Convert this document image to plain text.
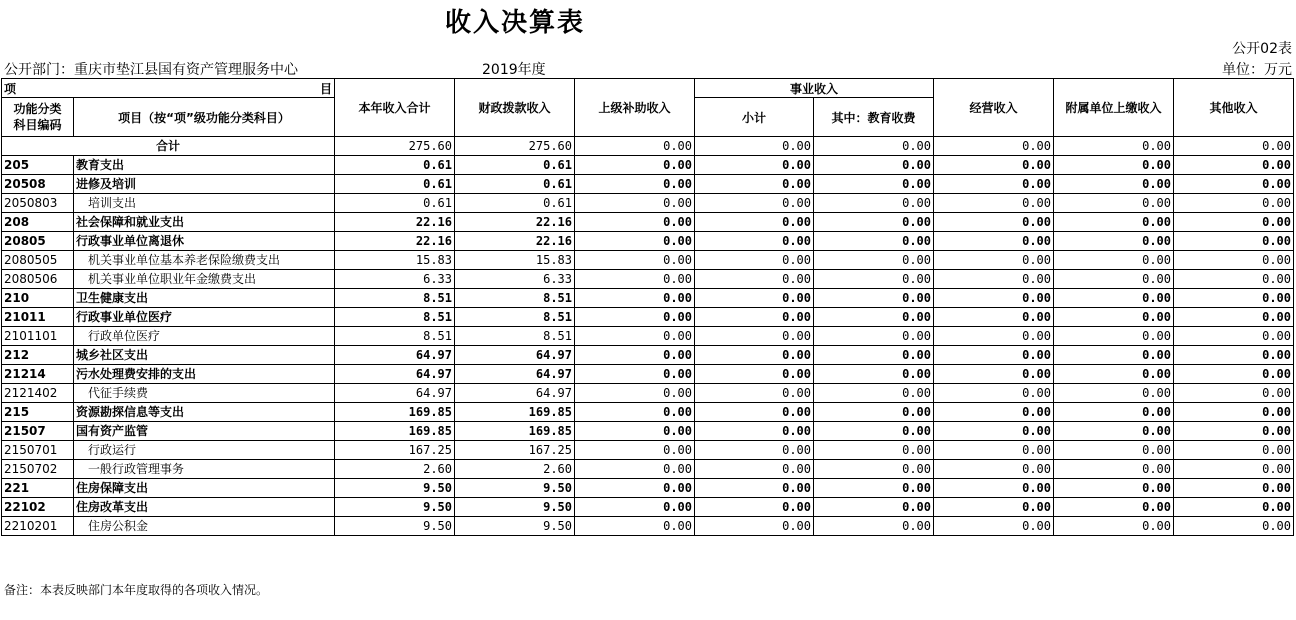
收入决算表
公开02表
公开部门：重庆市垫江县国有资产管理服务中心	2019年度	单位：万元
项 目		本年收入合计	财政拨款收入	上级补助收入	事业收入		经营收入	附属单位上缴收入	其他收入
功能分类
科目编码	项目（按“项”级功能分类科目）								
					小计	其中：教育收费			
合计		275.60	275.60	0.00	0.00	0.00	0.00	0.00	0.00
205	教育支出	0.61	0.61	0.00	0.00	0.00	0.00	0.00	0.00
20508	进修及培训	0.61	0.61	0.00	0.00	0.00	0.00	0.00	0.00
2050803	培训支出	0.61	0.61	0.00	0.00	0.00	0.00	0.00	0.00
208	社会保障和就业支出	22.16	22.16	0.00	0.00	0.00	0.00	0.00	0.00
20805	行政事业单位离退休	22.16	22.16	0.00	0.00	0.00	0.00	0.00	0.00
2080505	机关事业单位基本养老保险缴费支出	15.83	15.83	0.00	0.00	0.00	0.00	0.00	0.00
2080506	机关事业单位职业年金缴费支出	6.33	6.33	0.00	0.00	0.00	0.00	0.00	0.00
210	卫生健康支出	8.51	8.51	0.00	0.00	0.00	0.00	0.00	0.00
21011	行政事业单位医疗	8.51	8.51	0.00	0.00	0.00	0.00	0.00	0.00
2101101	行政单位医疗	8.51	8.51	0.00	0.00	0.00	0.00	0.00	0.00
212	城乡社区支出	64.97	64.97	0.00	0.00	0.00	0.00	0.00	0.00
21214	污水处理费安排的支出	64.97	64.97	0.00	0.00	0.00	0.00	0.00	0.00
2121402	代征手续费	64.97	64.97	0.00	0.00	0.00	0.00	0.00	0.00
215	资源勘探信息等支出	169.85	169.85	0.00	0.00	0.00	0.00	0.00	0.00
21507	国有资产监管	169.85	169.85	0.00	0.00	0.00	0.00	0.00	0.00
2150701	行政运行	167.25	167.25	0.00	0.00	0.00	0.00	0.00	0.00
2150702	一般行政管理事务	2.60	2.60	0.00	0.00	0.00	0.00	0.00	0.00
221	住房保障支出	9.50	9.50	0.00	0.00	0.00	0.00	0.00	0.00
22102	住房改革支出	9.50	9.50	0.00	0.00	0.00	0.00	0.00	0.00
2210201	住房公积金	9.50	9.50	0.00	0.00	0.00	0.00	0.00	0.00
备注：本表反映部门本年度取得的各项收入情况。
